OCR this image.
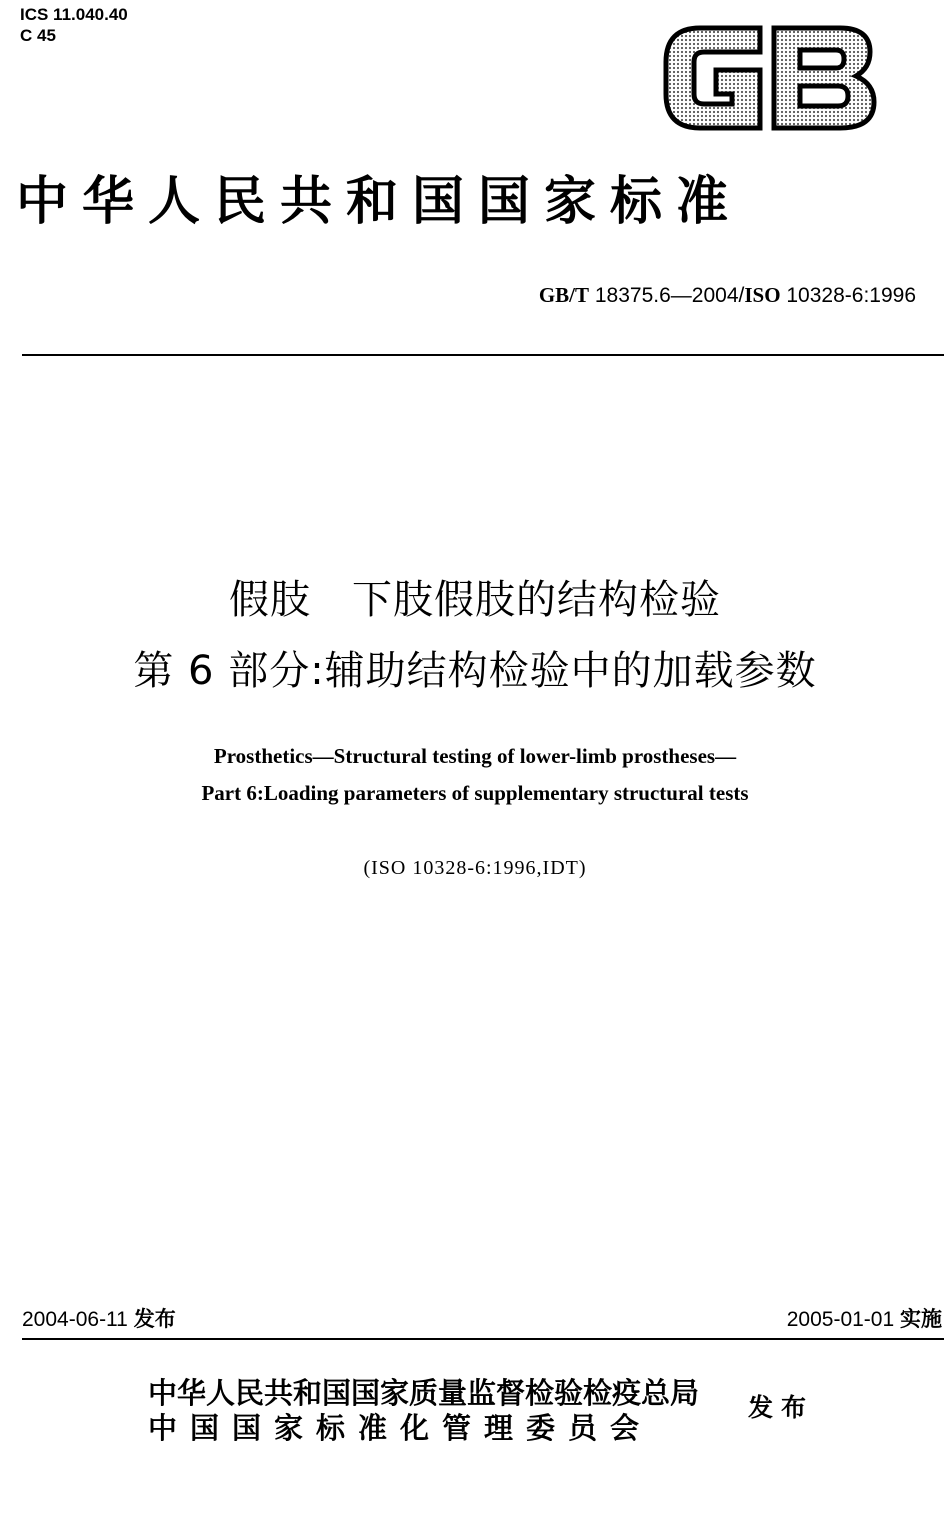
ICS 11.040.40
C 45
中华人民共和国国家标准
GB/T 18375.6—2004/ISO 10328-6:1996
假肢　下肢假肢的结构检验
第 6 部分:辅助结构检验中的加载参数
Prosthetics—Structural testing of lower-limb prostheses—
Part 6:Loading parameters of supplementary structural tests
(ISO 10328-6:1996,IDT)
2004-06-11 发布	2005-01-01 实施
中华人民共和国国家质量监督检验检疫总局
中国国家标准化管理委员会
发布
